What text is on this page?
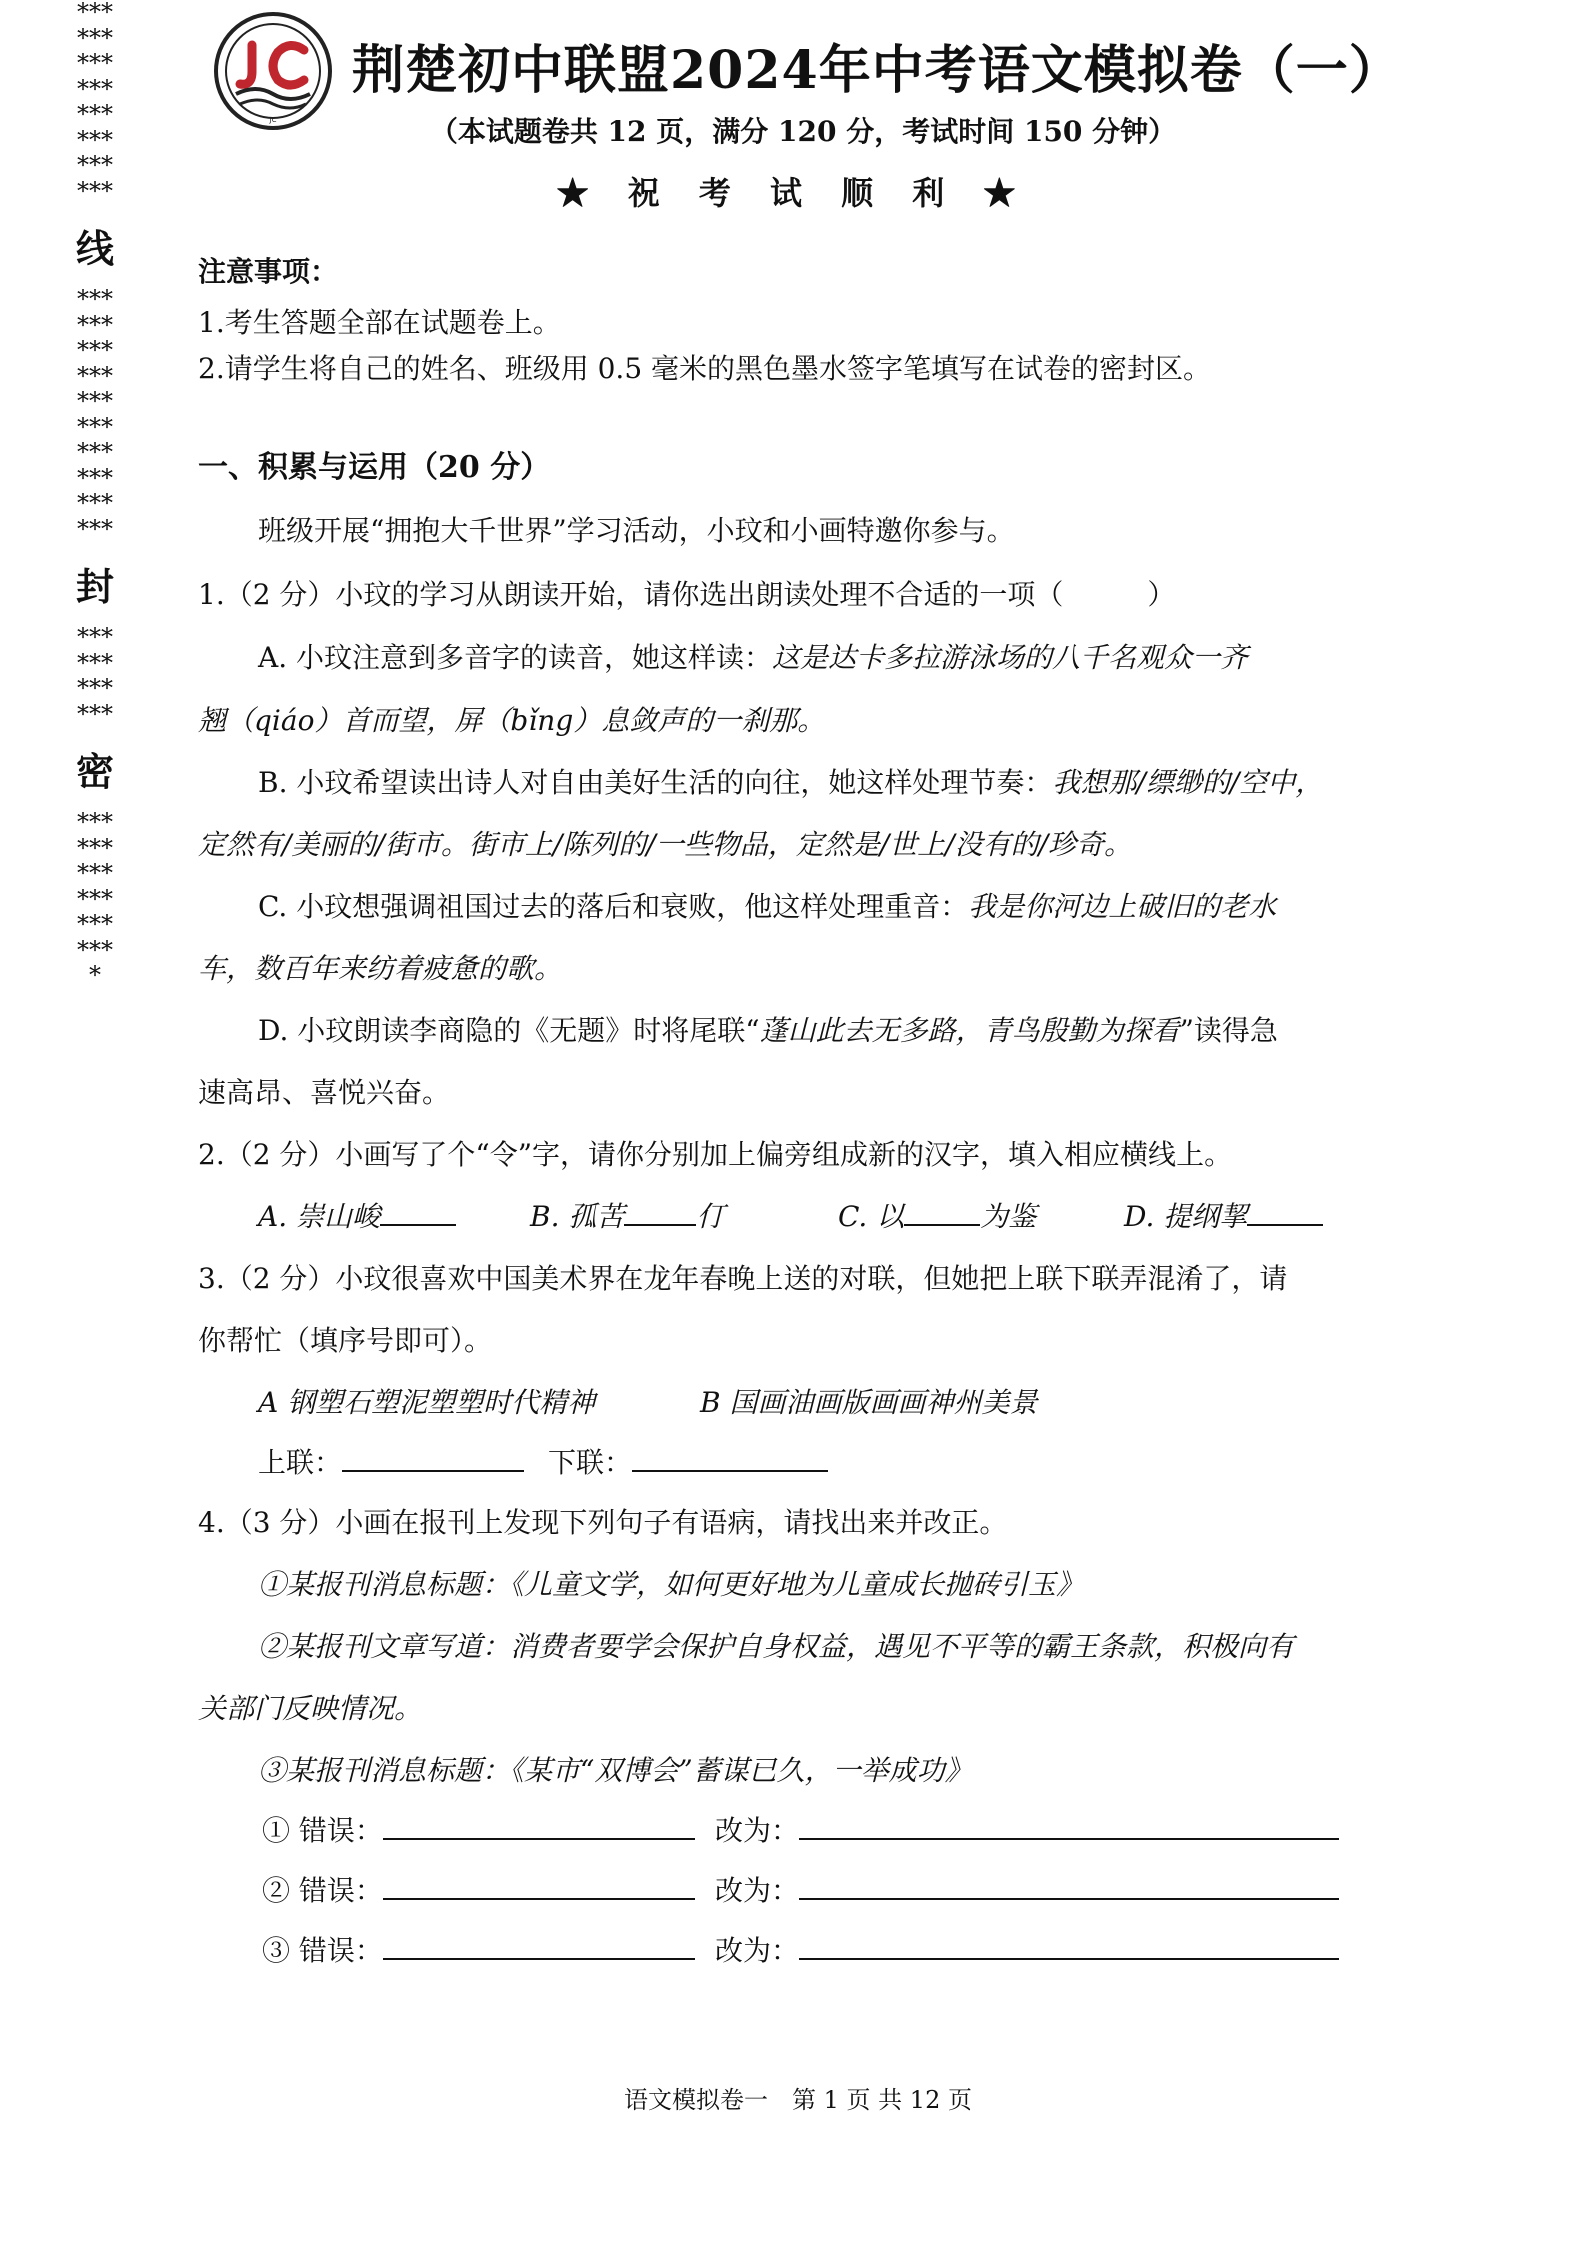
************************
线
******************************
封
************
密
*******************
JC
荆楚初中联盟2024年中考语文模拟卷（一）
（本试题卷共 12 页，满分 120 分，考试时间 150 分钟）
★ 祝 考 试 顺 利 ★
注意事项：
1.考生答题全部在试题卷上。
2.请学生将自己的姓名、班级用 0.5 毫米的黑色墨水签字笔填写在试卷的密封区。
一、积累与运用（20 分）
班级开展“拥抱大千世界”学习活动，小玟和小画特邀你参与。
1.（2 分）小玟的学习从朗读开始，请你选出朗读处理不合适的一项（　　　）
A. 小玟注意到多音字的读音，她这样读：这是达卡多拉游泳场的八千名观众一齐
翘（qiáo）首而望，屏（bǐng）息敛声的一刹那。
B. 小玟希望读出诗人对自由美好生活的向往，她这样处理节奏：我想那/缥缈的/空中，
定然有/美丽的/街市。街市上/陈列的/一些物品，定然是/世上/没有的/珍奇。
C. 小玟想强调祖国过去的落后和衰败，他这样处理重音：我是你河边上破旧的老水
车，数百年来纺着疲惫的歌。
D. 小玟朗读李商隐的《无题》时将尾联“蓬山此去无多路，青鸟殷勤为探看”读得急
速高昂、喜悦兴奋。
2.（2 分）小画写了个“令”字，请你分别加上偏旁组成新的汉字，填入相应横线上。
A. 崇山峻	B. 孤苦	仃	C. 以	为鉴	D. 提纲挈
3.（2 分）小玟很喜欢中国美术界在龙年春晚上送的对联，但她把上联下联弄混淆了，请
你帮忙（填序号即可）。
A 钢塑石塑泥塑塑时代精神	B 国画油画版画画神州美景
上联：	下联：
4.（3 分）小画在报刊上发现下列句子有语病，请找出来并改正。
①某报刊消息标题：《儿童文学，如何更好地为儿童成长抛砖引玉》
②某报刊文章写道：消费者要学会保护自身权益，遇见不平等的霸王条款，积极向有
关部门反映情况。
③某报刊消息标题：《某市“双博会”蓄谋已久，一举成功》
① 错误：	改为：
② 错误：	改为：
③ 错误：	改为：
语文模拟卷一　第 1 页 共 12 页
